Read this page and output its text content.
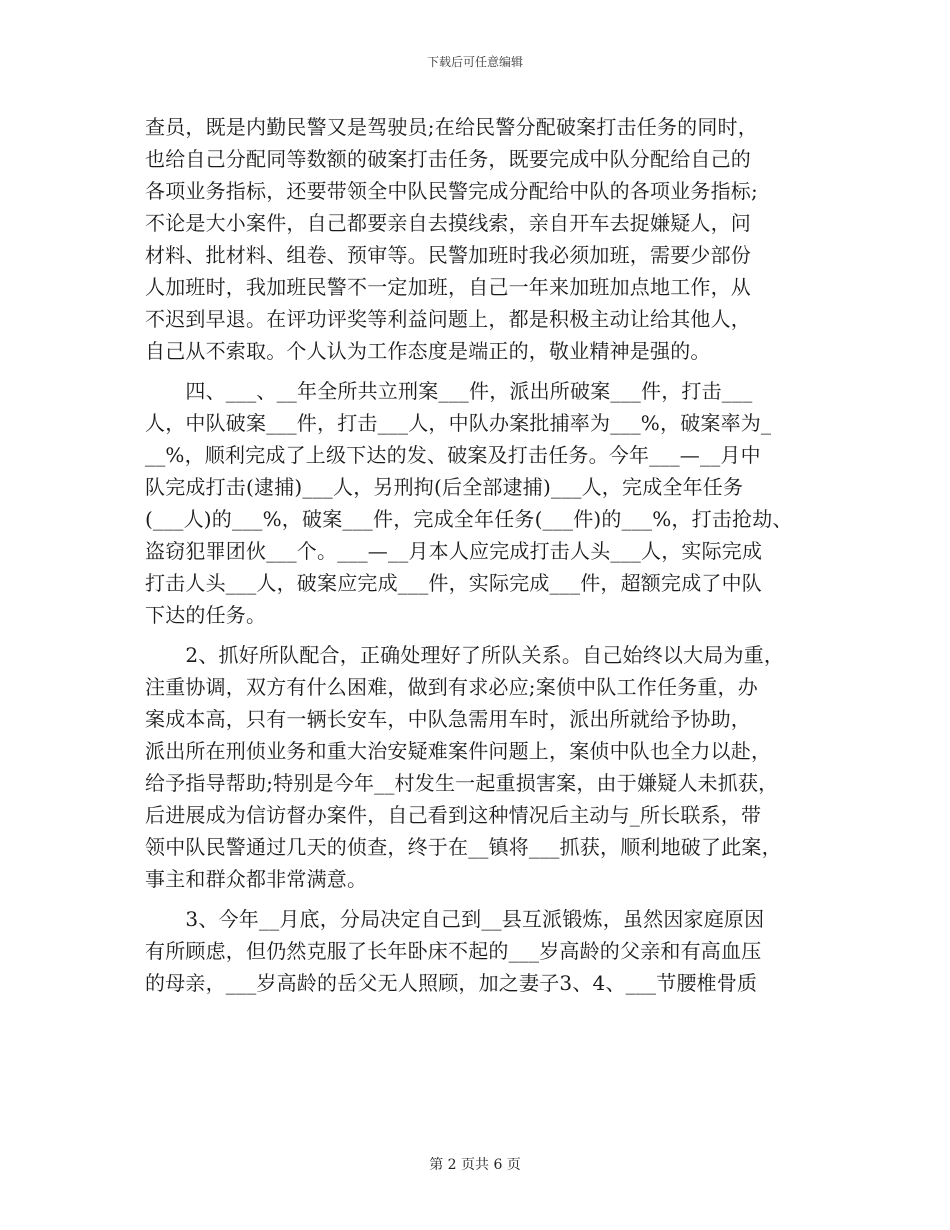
下载后可任意编辑
查员，既是内勤民警又是驾驶员;在给民警分配破案打击任务的同时，
也给自己分配同等数额的破案打击任务，既要完成中队分配给自己的
各项业务指标，还要带领全中队民警完成分配给中队的各项业务指标;
不论是大小案件，自己都要亲自去摸线索，亲自开车去捉嫌疑人，问
材料、批材料、组卷、预审等。民警加班时我必须加班，需要少部份
人加班时，我加班民警不一定加班，自己一年来加班加点地工作，从
不迟到早退。在评功评奖等利益问题上，都是积极主动让给其他人，
自己从不索取。个人认为工作态度是端正的，敬业精神是强的。
　　四、___、__年全所共立刑案___件，派出所破案___件，打击___
人，中队破案___件，打击___人，中队办案批捕率为___%，破案率为_
__%，顺利完成了上级下达的发、破案及打击任务。今年___—__月中
队完成打击(逮捕)___人，另刑拘(后全部逮捕)___人，完成全年任务
(___人)的___%，破案___件，完成全年任务(___件)的___%，打击抢劫、
盗窃犯罪团伙___个。___—__月本人应完成打击人头___人，实际完成
打击人头___人，破案应完成___件，实际完成___件，超额完成了中队
下达的任务。
　　2、抓好所队配合，正确处理好了所队关系。自己始终以大局为重，
注重协调，双方有什么困难，做到有求必应;案侦中队工作任务重，办
案成本高，只有一辆长安车，中队急需用车时，派出所就给予协助，
派出所在刑侦业务和重大治安疑难案件问题上，案侦中队也全力以赴，
给予指导帮助;特别是今年__村发生一起重损害案，由于嫌疑人未抓获，
后进展成为信访督办案件，自己看到这种情况后主动与_所长联系，带
领中队民警通过几天的侦查，终于在__镇将___抓获，顺利地破了此案，
事主和群众都非常满意。
　　3、今年__月底，分局决定自己到__县互派锻炼，虽然因家庭原因
有所顾虑，但仍然克服了长年卧床不起的___岁高龄的父亲和有高血压
的母亲，___岁高龄的岳父无人照顾，加之妻子3、4、___节腰椎骨质
第 2 页共 6 页
